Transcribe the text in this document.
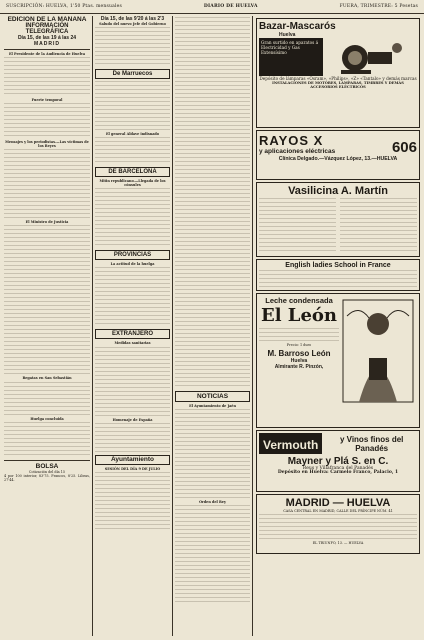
SUSCRIPCIÓN: HUELVA, 1'50 Ptas. mensuales	DIARIO DE HUELVA	FUERA, TRIMESTRE: 5 Pesetas

EDICIÓN DE LA MAÑANA

INFORMACIÓN TELEGRÁFICA

Día 15, de las 19 á las 24

MADRID

El Presidente de la Audiencia de Huelva

Fuerte temporal

Mensajes y los periodistas.—Las víctimas de los Reyes

El Ministro de Justicia

Regatas en San Sebastián

Huelga concluida

BOLSA

Cotización del día 15

4 por 100 interior, 83'75. Francos, 8'25. Libras, 27'44.

Día 15, de las 9'20 á las 2'3

Saludo del nuevo Jefe del Gobierno

De Marruecos

El general Aldave indisnado

DE BARCELONA

Mitin republicano.—Llegada de los cónsules

PROVINCIAS

La actitud de la huelga

EXTRANJERO

Medidas sanitarias

Homenaje de España

Ayuntamiento

SESIÓN DEL DÍA 9 DE JULIO

NOTICIAS

El Ayuntamiento de Jaén

Orden del Rey

Bazar-Mascarós

Huelva

Gran surtido en aparatos á Electricidad y Gas Extensísimo

Depósito de lámparas «Osram», «Philips», «Z» «Tantalo» y demás marcas

INSTALACIONES DE MOTORES, LÁMPARAS, TIMBRES Y DEMÁS ACCESORIOS ELÉCTRICOS

RAYOS X

y aplicaciones eléctricas	606

Clínica Delgado.—Vázquez López, 13.—HUELVA

Vasilicina A. Martín

English ladies School in France

Leche condensada

El León

Precio: 1 duro

M. Barroso León

Huelva

Almirante R. Pinzón,

Vermouth	y Vinos finos del Panadés

Mayner y Plá S. en C.

Reus y Villafranca del Panadés

Depósito en Huelva: Carmelo Franco, Palacio, 1

MADRID — HUELVA

CASA CENTRAL EN MADRID, CALLE DEL PRÍNCIPE NÚM. 41

EL TRIUNFO, 13. — HUELVA
